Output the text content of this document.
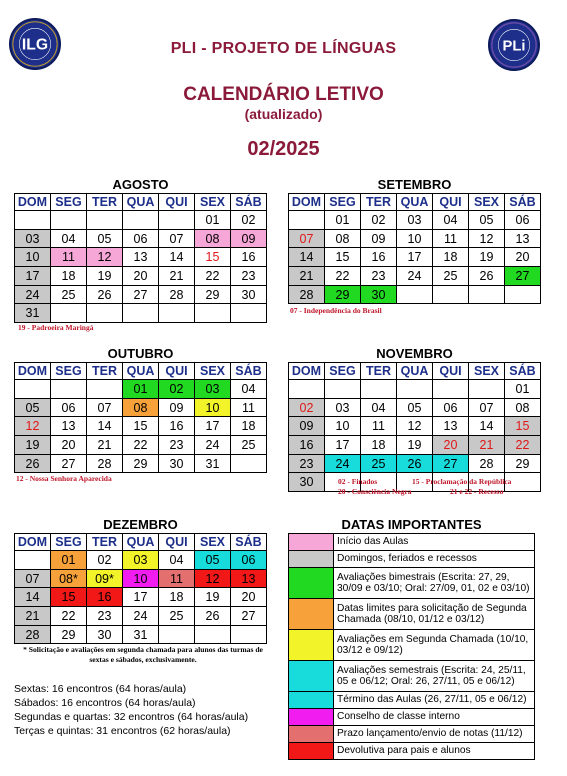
ILG	PLi
PLI - PROJETO DE LÍNGUAS
CALENDÁRIO LETIVO
(atualizado)
02/2025
AGOSTO
DOM	SEG	TER	QUA	QUI	SEX	SÁB
					01	02
03	04	05	06	07	08	09
10	11	12	13	14	15	16
17	18	19	20	21	22	23
24	25	26	27	28	29	30
31						
SETEMBRO
DOM	SEG	TER	QUA	QUI	SEX	SÁB
	01	02	03	04	05	06
07	08	09	10	11	12	13
14	15	16	17	18	19	20
21	22	23	24	25	26	27
28	29	30				
OUTUBRO
DOM	SEG	TER	QUA	QUI	SEX	SÁB
			01	02	03	04
05	06	07	08	09	10	11
12	13	14	15	16	17	18
19	20	21	22	23	24	25
26	27	28	29	30	31	
NOVEMBRO
DOM	SEG	TER	QUA	QUI	SEX	SÁB
						01
02	03	04	05	06	07	08
09	10	11	12	13	14	15
16	17	18	19	20	21	22
23	24	25	26	27	28	29
30						
DEZEMBRO
DOM	SEG	TER	QUA	QUI	SEX	SÁB
	01	02	03	04	05	06
07	08*	09*	10	11	12	13
14	15	16	17	18	19	20
21	22	23	24	25	26	27
28	29	30	31			
19 - Padroeira Maringá
07 - Independência do Brasil
12 - Nossa Senhora Aparecida	02 - Finados	15 - Proclamação da República
20 - Consciência Negra	21 e 22 - Recesso
* Solicitação e avaliações em segunda chamada para alunos das turmas de sextas e sábados, exclusivamente.
DATAS IMPORTANTES
	Início das Aulas
	Domingos, feriados e recessos
	Avaliações bimestrais (Escrita: 27, 29, 30/09 e 03/10; Oral: 27/09, 01, 02 e 03/10)
	Datas limites para solicitação de Segunda Chamada (08/10, 01/12 e 03/12)
	Avaliações em Segunda Chamada (10/10, 03/12 e 09/12)
	Avaliações semestrais (Escrita: 24, 25/11, 05 e 06/12; Oral: 26, 27/11, 05 e 06/12)
	Término das Aulas (26, 27/11, 05 e 06/12)
	Conselho de classe interno
	Prazo lançamento/envio de notas (11/12)
	Devolutiva para pais e alunos
Sextas: 16 encontros (64 horas/aula)
Sábados: 16 encontros (64 horas/aula)
Segundas e quartas: 32 encontros (64 horas/aula)
Terças e quintas: 31 encontros (62 horas/aula)
